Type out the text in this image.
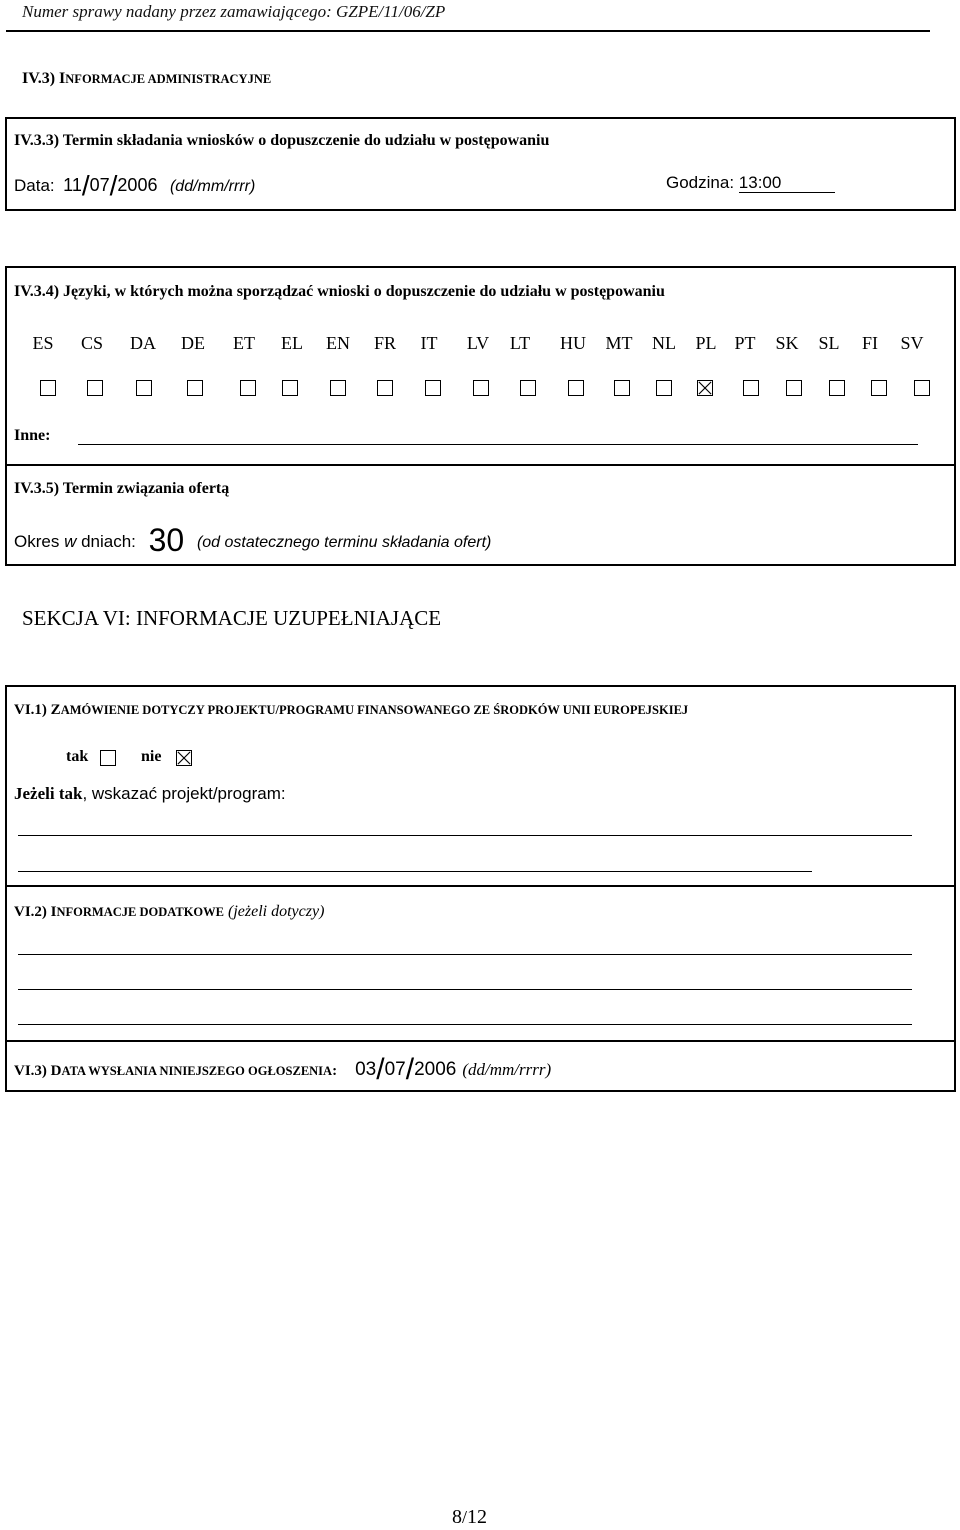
Numer sprawy nadany przez zamawiającego: GZPE/11/06/ZP
IV.3) INFORMACJE ADMINISTRACYJNE
IV.3.3) Termin składania wniosków o dopuszczenie do udziału w postępowaniu
Data: 11/07/2006 (dd/mm/rrrr)	Godzina: 13:00
IV.3.4) Języki, w których można sporządzać wnioski o dopuszczenie do udziału w postępowaniu
ES	CS	DA	DE	ET	EL	EN	FR	IT	LV	LT	HU	MT	NL	PL PT	SK	SL	FI	SV
Inne:
IV.3.5) Termin związania ofertą
Okres w dniach: 30 (od ostatecznego terminu składania ofert)
SEKCJA VI: INFORMACJE UZUPEŁNIAJĄCE
VI.1) ZAMÓWIENIE DOTYCZY PROJEKTU/PROGRAMU FINANSOWANEGO ZE ŚRODKÓW UNII EUROPEJSKIEJ
tak	nie
Jeżeli tak, wskazać projekt/program:
VI.2) INFORMACJE DODATKOWE (jeżeli dotyczy)
VI.3) DATA WYSŁANIA NINIEJSZEGO OGŁOSZENIA: 03/07/2006 (dd/mm/rrrr)
8/12
